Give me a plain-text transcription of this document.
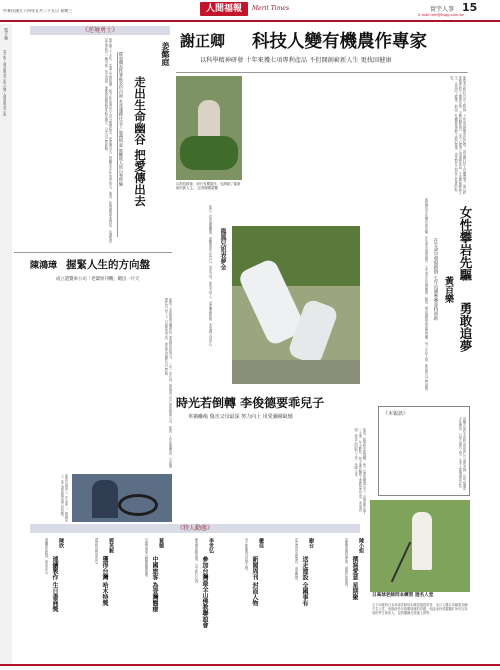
中華民國九十四年五月二十五日 星期三	人間福報	Merit Times	實宇人事 15
E-mail:mm@lisgg.com.tw
電子報
電子報 人間福報 電子報 訂閱 人間福報 電子報
《逆境勇士》
他生病了十多年，走過人生最低潮，如今在花蓮以志工身分服務病友，把愛傳出去，鼓勵更多正在受苦的人。他說，疾病讓他學會感恩，也讓他看見生命的另一種可能。每天清晨，他都會到醫院陪伴病友聊天，分享自己的經驗。	姜懿庭
走出生命幽谷 把愛傳出去
罹患僵直性脊椎炎仍自助 赴花蓮擔任志工 服務病患 鼓勵他人的自身經驗
陳鴻璋 握緊人生的方向盤
成立遊覽車公司「老闆果刊機」闖出一片天
他從一名遊覽車司機做起，憑著堅持和努力，一步一步打拚，最後成立自己的遊覽車公司。他說，人生就像開車，方向盤握在自己手上，只要認清方向，就能走出屬於自己的路。
他常告訴員工，安全第一，服務至上，客人滿意就是最大的回報。
謝正卿 科技人變有機農作專家
以科學精神研發 十年來獲七項專利產品 不但開創嶄新人生 更找回健康
以科技精神，研行有機農作，也開創了健康新的新人生。 記者陳國超攝	他原本是科技公司工程師，十年前因健康亮起紅燈，決定轉行投入有機農業。他以科學精神研究土壤與作物，不斷試驗改良，至今已獲得七項專利產品，不但開創嶄新人生，也找回了健康。他說，有機農業是對土地的尊重，也是對自己與家人負責的態度。
女性攀岩先驅
黃百樂
勇敢追夢
在生命中發現熱情 七年出國參賽並特別助
她是國內女性攀岩的先驅，在生命中發現熱情，七年來多次出國參賽。她說，攀岩讓她學會面對恐懼，每一次往上爬，都是對自己的挑戰。
龍鳳兒姐表夢金
他在一次車禍後癱瘓，最難過的不是自己，而是父母。他努力向上，用愛彌補缺憾，希望讓父母放心。
時光若倒轉 李俊德要乖兒子
車禍癱瘓 傷害父母最深 努力向上 用愛彌補缺憾
他說，如果時光能倒轉，他一定要當個乖兒子。出事那年他才二十歲，年少輕狂，如今他在輪椅上重新學習生活，考取證照，靠自己的能力工作，孝順父母。
《本報訊》
高爾夫球好手同時也是熱心公益的老師，長年指導青少年練球，日前入選名人堂，為本土球壇增添光彩。
日高球老師同本練習 遊名人堂
五十四歲的日本高球老師同本練習場經營者，本月入選日本職業高爾夫名人堂，表揚他長年推廣球運的貢獻，他說這份榮耀屬於所有支持他的學生與家人，也將繼續在球場上教學。
《特人動態》
陳小姐
撰寫愛意 星期聚
星期聚會撰寫愛意，凝聚社區情感。
謝台
送走建設 全國事有
送走建設全國事有，成果豐碩。
嚴佳
新閣周刊 封面人物
登上新閣周刊封面人物。
李世弘
參加台灣最全山佛教聯誼會
參加佛教聯誼會，分享修行心得。
黃德
中國旅客 為壹灣醫療
中國旅客來台體驗醫療服務。
郭英毅
獲得台灣 哈木特獎
獲得特別獎項肯定。
陳欣
連續製作 生日書商獎
連續製作獲獎，深受肯定。
